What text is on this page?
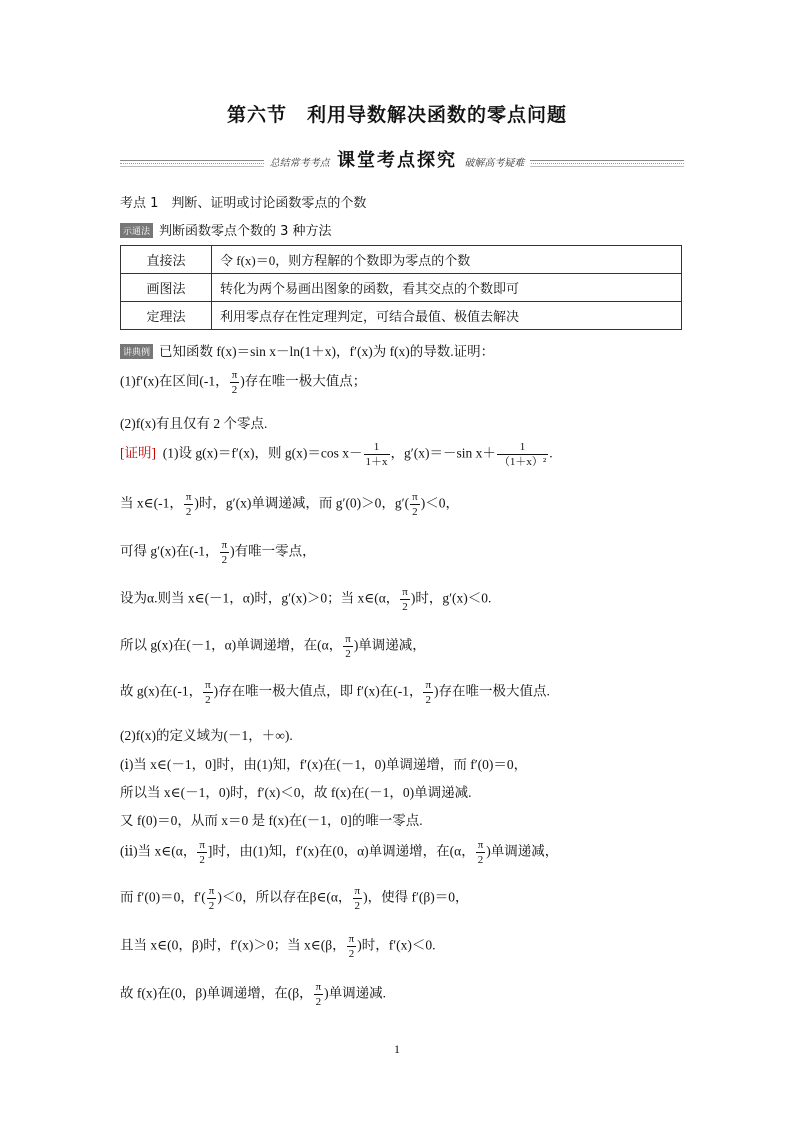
第六节　利用导数解决函数的零点问题
总结常考考点 课堂考点探究 破解高考疑难
考点 1　判断、证明或讨论函数零点的个数
示通法 判断函数零点个数的 3 种方法
直接法	令 f(x)＝0，则方程解的个数即为零点的个数
画图法	转化为两个易画出图象的函数，看其交点的个数即可
定理法	利用零点存在性定理判定，可结合最值、极值去解决
讲典例 已知函数 f(x)＝sin x－ln(1＋x)，f′(x)为 f(x)的导数.证明：
(1)f′(x)在区间(-1， $\frac{\pi}{2}$ )存在唯一极大值点；
(2)f(x)有且仅有 2 个零点.
[证明] (1)设 g(x)＝f′(x)，则 g(x)＝cos $x- \frac{1}{1+x}$ ，g′(x)＝－sin $x+ \frac{1}{\text{（1＋x）²}}$ .
当 x∈(-1， $\frac{\pi}{2}$ )时，g′(x)单调递减，而 g′(0)＞0，$g'( \frac{\pi}{2} )<0$，
可得 g′(x)在(-1， $\frac{\pi}{2}$ )有唯一零点，
设为α.则当 x∈(－1，α)时，g′(x)＞0；当 x∈(α， $\frac{\pi}{2}$ )时，g′(x)＜0.
所以 g(x)在(－1，α)单调递增，在(α， $\frac{\pi}{2}$ )单调递减，
故 g(x)在(-1， $\frac{\pi}{2}$ )存在唯一极大值点，即 f′(x)在(-1， $\frac{\pi}{2}$ )存在唯一极大值点.
(2)f(x)的定义域为(－1，＋∞).
(ⅰ)当 x∈(－1，0]时，由(1)知，f′(x)在(－1，0)单调递增，而 f′(0)＝0，
所以当 x∈(－1，0)时，f′(x)＜0，故 f(x)在(－1，0)单调递减.
又 f(0)＝0，从而 x＝0 是 f(x)在(－1，0]的唯一零点.
(ⅱ)当 x∈(α， $\frac{\pi}{2}$ ]时，由(1)知，f′(x)在(0，α)单调递增，在(α， $\frac{\pi}{2}$ )单调递减，
而 f′(0)＝0，$f'( \frac{\pi}{2} )<0$，所以存在β∈(α， $\frac{\pi}{2}$ )，使得 f′(β)＝0，
且当 x∈(0，β)时，f′(x)＞0；当 x∈(β， $\frac{\pi}{2}$ )时，f′(x)＜0.
故 f(x)在(0，β)单调递增，在(β， $\frac{\pi}{2}$ )单调递减.
1
